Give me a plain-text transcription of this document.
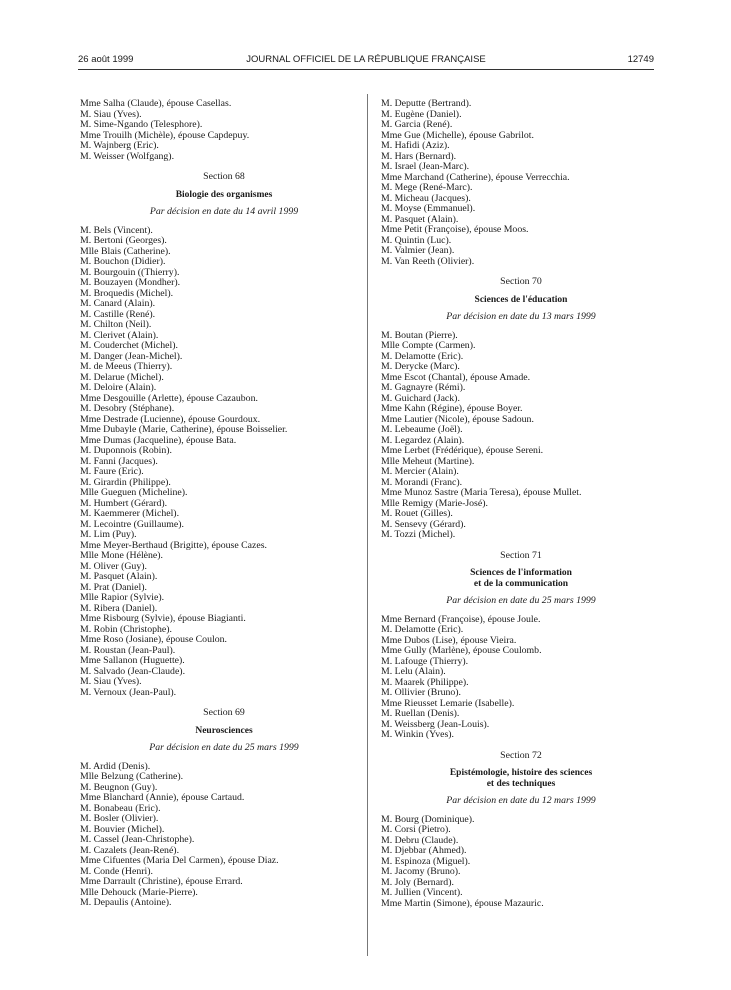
26 août 1999	JOURNAL OFFICIEL DE LA RÉPUBLIQUE FRANÇAISE	12749
Mme Salha (Claude), épouse Casellas.
M. Siau (Yves).
M. Sime-Ngando (Telesphore).
Mme Trouilh (Michèle), épouse Capdepuy.
M. Wajnberg (Eric).
M. Weisser (Wolfgang).
Section 68
Biologie des organismes
Par décision en date du 14 avril 1999
M. Bels (Vincent).
M. Bertoni (Georges).
Mlle Blais (Catherine).
M. Bouchon (Didier).
M. Bourgouin ((Thierry).
M. Bouzayen (Mondher).
M. Broquedis (Michel).
M. Canard (Alain).
M. Castille (René).
M. Chilton (Neil).
M. Clerivet (Alain).
M. Couderchet (Michel).
M. Danger (Jean-Michel).
M. de Meeus (Thierry).
M. Delarue (Michel).
M. Deloire (Alain).
Mme Desgouille (Arlette), épouse Cazaubon.
M. Desobry (Stéphane).
Mme Destrade (Lucienne), épouse Gourdoux.
Mme Dubayle (Marie, Catherine), épouse Boisselier.
Mme Dumas (Jacqueline), épouse Bata.
M. Duponnois (Robin).
M. Fanni (Jacques).
M. Faure (Eric).
M. Girardin (Philippe).
Mlle Gueguen (Micheline).
M. Humbert (Gérard).
M. Kaemmerer (Michel).
M. Lecointre (Guillaume).
M. Lim (Puy).
Mme Meyer-Berthaud (Brigitte), épouse Cazes.
Mlle Mone (Hélène).
M. Oliver (Guy).
M. Pasquet (Alain).
M. Prat (Daniel).
Mlle Rapior (Sylvie).
M. Ribera (Daniel).
Mme Risbourg (Sylvie), épouse Biagianti.
M. Robin (Christophe).
Mme Roso (Josiane), épouse Coulon.
M. Roustan (Jean-Paul).
Mme Sallanon (Huguette).
M. Salvado (Jean-Claude).
M. Siau (Yves).
M. Vernoux (Jean-Paul).
Section 69
Neurosciences
Par décision en date du 25 mars 1999
M. Ardid (Denis).
Mlle Belzung (Catherine).
M. Beugnon (Guy).
Mme Blanchard (Annie), épouse Cartaud.
M. Bonabeau (Eric).
M. Bosler (Olivier).
M. Bouvier (Michel).
M. Cassel (Jean-Christophe).
M. Cazalets (Jean-René).
Mme Cifuentes (Maria Del Carmen), épouse Diaz.
M. Conde (Henri).
Mme Darrault (Christine), épouse Errard.
Mlle Dehouck (Marie-Pierre).
M. Depaulis (Antoine).
M. Deputte (Bertrand).
M. Eugène (Daniel).
M. Garcia (René).
Mme Gue (Michelle), épouse Gabrilot.
M. Hafidi (Aziz).
M. Hars (Bernard).
M. Israel (Jean-Marc).
Mme Marchand (Catherine), épouse Verrecchia.
M. Mege (René-Marc).
M. Micheau (Jacques).
M. Moyse (Emmanuel).
M. Pasquet (Alain).
Mme Petit (Françoise), épouse Moos.
M. Quintin (Luc).
M. Valmier (Jean).
M. Van Reeth (Olivier).
Section 70
Sciences de l'éducation
Par décision en date du 13 mars 1999
M. Boutan (Pierre).
Mlle Compte (Carmen).
M. Delamotte (Eric).
M. Derycke (Marc).
Mme Escot (Chantal), épouse Amade.
M. Gagnayre (Rémi).
M. Guichard (Jack).
Mme Kahn (Régine), épouse Boyer.
Mme Lautier (Nicole), épouse Sadoun.
M. Lebeaume (Joël).
M. Legardez (Alain).
Mme Lerbet (Frédérique), épouse Sereni.
Mlle Meheut (Martine).
M. Mercier (Alain).
M. Morandi (Franc).
Mme Munoz Sastre (Maria Teresa), épouse Mullet.
Mlle Remigy (Marie-José).
M. Rouet (Gilles).
M. Sensevy (Gérard).
M. Tozzi (Michel).
Section 71
Sciences de l'information
et de la communication
Par décision en date du 25 mars 1999
Mme Bernard (Françoise), épouse Joule.
M. Delamotte (Eric).
Mme Dubos (Lise), épouse Vieira.
Mme Gully (Marlène), épouse Coulomb.
M. Lafouge (Thierry).
M. Lelu (Alain).
M. Maarek (Philippe).
M. Ollivier (Bruno).
Mme Rieusset Lemarie (Isabelle).
M. Ruellan (Denis).
M. Weissberg (Jean-Louis).
M. Winkin (Yves).
Section 72
Epistémologie, histoire des sciences
et des techniques
Par décision en date du 12 mars 1999
M. Bourg (Dominique).
M. Corsi (Pietro).
M. Debru (Claude).
M. Djebbar (Ahmed).
M. Espinoza (Miguel).
M. Jacomy (Bruno).
M. Joly (Bernard).
M. Jullien (Vincent).
Mme Martin (Simone), épouse Mazauric.
